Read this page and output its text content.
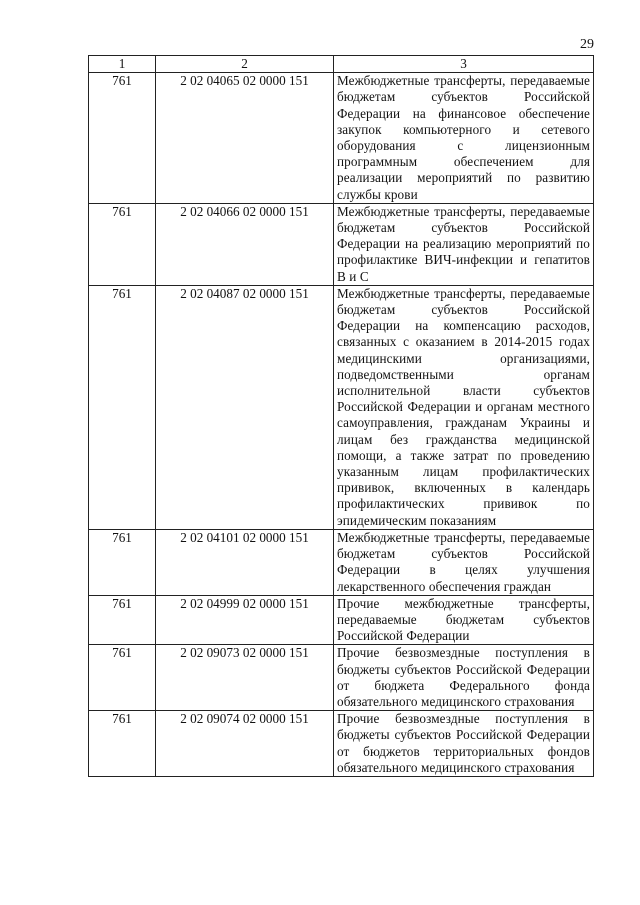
29
1	2	3
761	2 02 04065 02 0000 151	Межбюджетные трансферты, передаваемые бюджетам субъектов Российской Федерации на финансовое обеспечение закупок компьютерного и сетевого оборудования с лицензионным программным обеспечением для реализации мероприятий по развитию службы крови
761	2 02 04066 02 0000 151	Межбюджетные трансферты, передаваемые бюджетам субъектов Российской Федерации на реализацию мероприятий по профилактике ВИЧ-инфекции и гепатитов B и C
761	2 02 04087 02 0000 151	Межбюджетные трансферты, передаваемые бюджетам субъектов Российской Федерации на компенсацию расходов, связанных с оказанием в 2014-2015 годах медицинскими организациями, подведомственными органам исполнительной власти субъектов Российской Федерации и органам местного самоуправления, гражданам Украины и лицам без гражданства медицинской помощи, а также затрат по проведению указанным лицам профилактических прививок, включенных в календарь профилактических прививок по эпидемическим показаниям
761	2 02 04101 02 0000 151	Межбюджетные трансферты, передаваемые бюджетам субъектов Российской Федерации в целях улучшения лекарственного обеспечения граждан
761	2 02 04999 02 0000 151	Прочие межбюджетные трансферты, передаваемые бюджетам субъектов Российской Федерации
761	2 02 09073 02 0000 151	Прочие безвозмездные поступления в бюджеты субъектов Российской Федерации от бюджета Федерального фонда обязательного медицинского страхования
761	2 02 09074 02 0000 151	Прочие безвозмездные поступления в бюджеты субъектов Российской Федерации от бюджетов территориальных фондов обязательного медицинского страхования
